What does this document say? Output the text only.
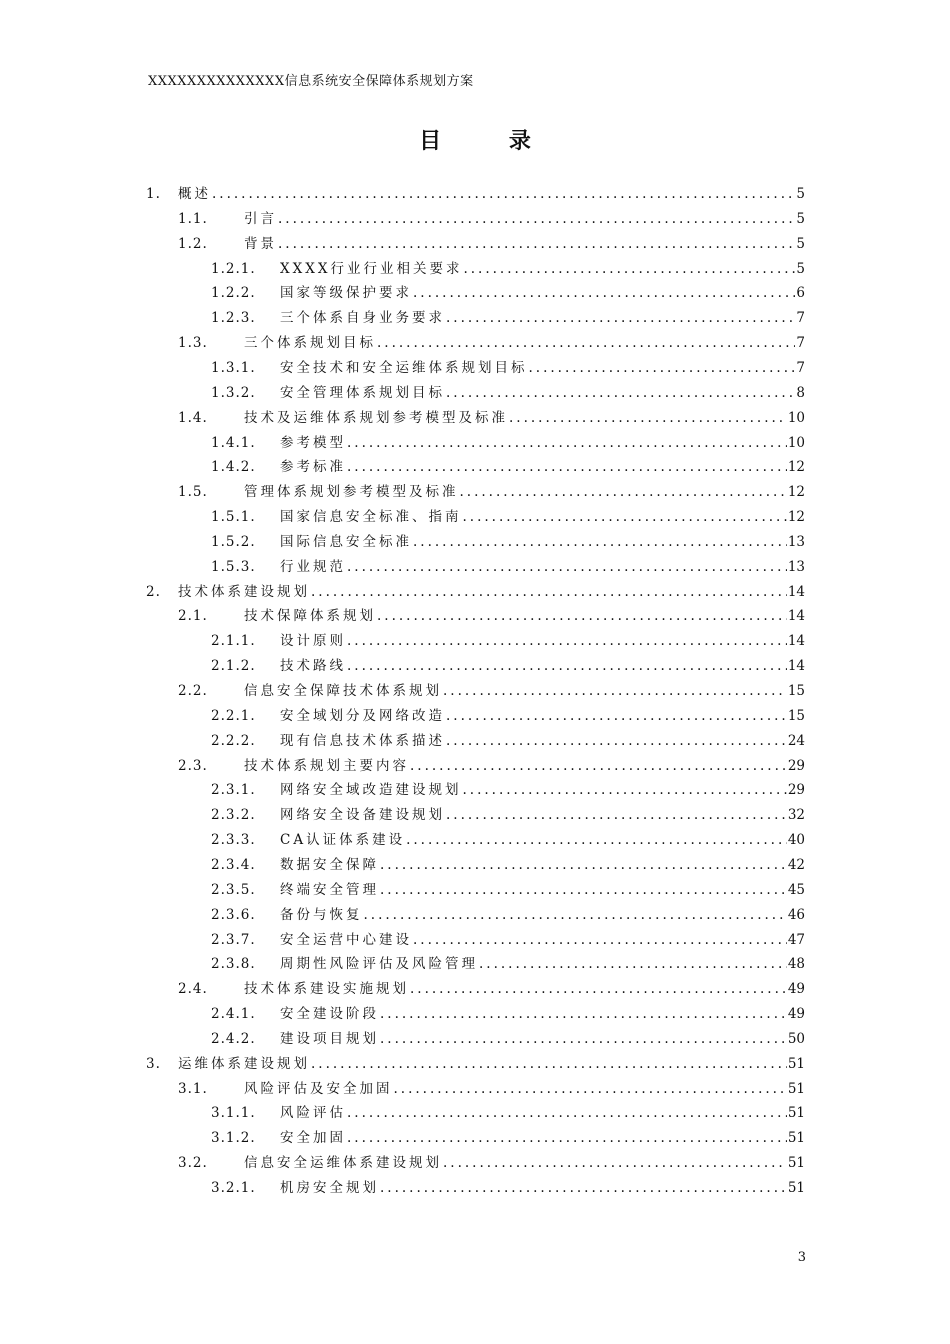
XXXXXXXXXXXXXX信息系统安全保障体系规划方案
目 录
1.	概述 .....	5
1.1.	引言 .....	5
1.2.	背景 .....	5
1.2.1.	XXXX行业行业相关要求 .....	5
1.2.2.	国家等级保护要求 .....	6
1.2.3.	三个体系自身业务要求 .....	7
1.3.	三个体系规划目标 .....	7
1.3.1.	安全技术和安全运维体系规划目标 .....	7
1.3.2.	安全管理体系规划目标 .....	8
1.4.	技术及运维体系规划参考模型及标准 .....	10
1.4.1.	参考模型 .....	10
1.4.2.	参考标准 .....	12
1.5.	管理体系规划参考模型及标准 .....	12
1.5.1.	国家信息安全标准、指南 .....	12
1.5.2.	国际信息安全标准 .....	13
1.5.3.	行业规范 .....	13
2.	技术体系建设规划 .....	14
2.1.	技术保障体系规划 .....	14
2.1.1.	设计原则 .....	14
2.1.2.	技术路线 .....	14
2.2.	信息安全保障技术体系规划 .....	15
2.2.1.	安全域划分及网络改造 .....	15
2.2.2.	现有信息技术体系描述 .....	24
2.3.	技术体系规划主要内容 .....	29
2.3.1.	网络安全域改造建设规划 .....	29
2.3.2.	网络安全设备建设规划 .....	32
2.3.3.	CA认证体系建设 .....	40
2.3.4.	数据安全保障 .....	42
2.3.5.	终端安全管理 .....	45
2.3.6.	备份与恢复 .....	46
2.3.7.	安全运营中心建设 .....	47
2.3.8.	周期性风险评估及风险管理 .....	48
2.4.	技术体系建设实施规划 .....	49
2.4.1.	安全建设阶段 .....	49
2.4.2.	建设项目规划 .....	50
3.	运维体系建设规划 .....	51
3.1.	风险评估及安全加固 .....	51
3.1.1.	风险评估 .....	51
3.1.2.	安全加固 .....	51
3.2.	信息安全运维体系建设规划 .....	51
3.2.1.	机房安全规划 .....	51
3
